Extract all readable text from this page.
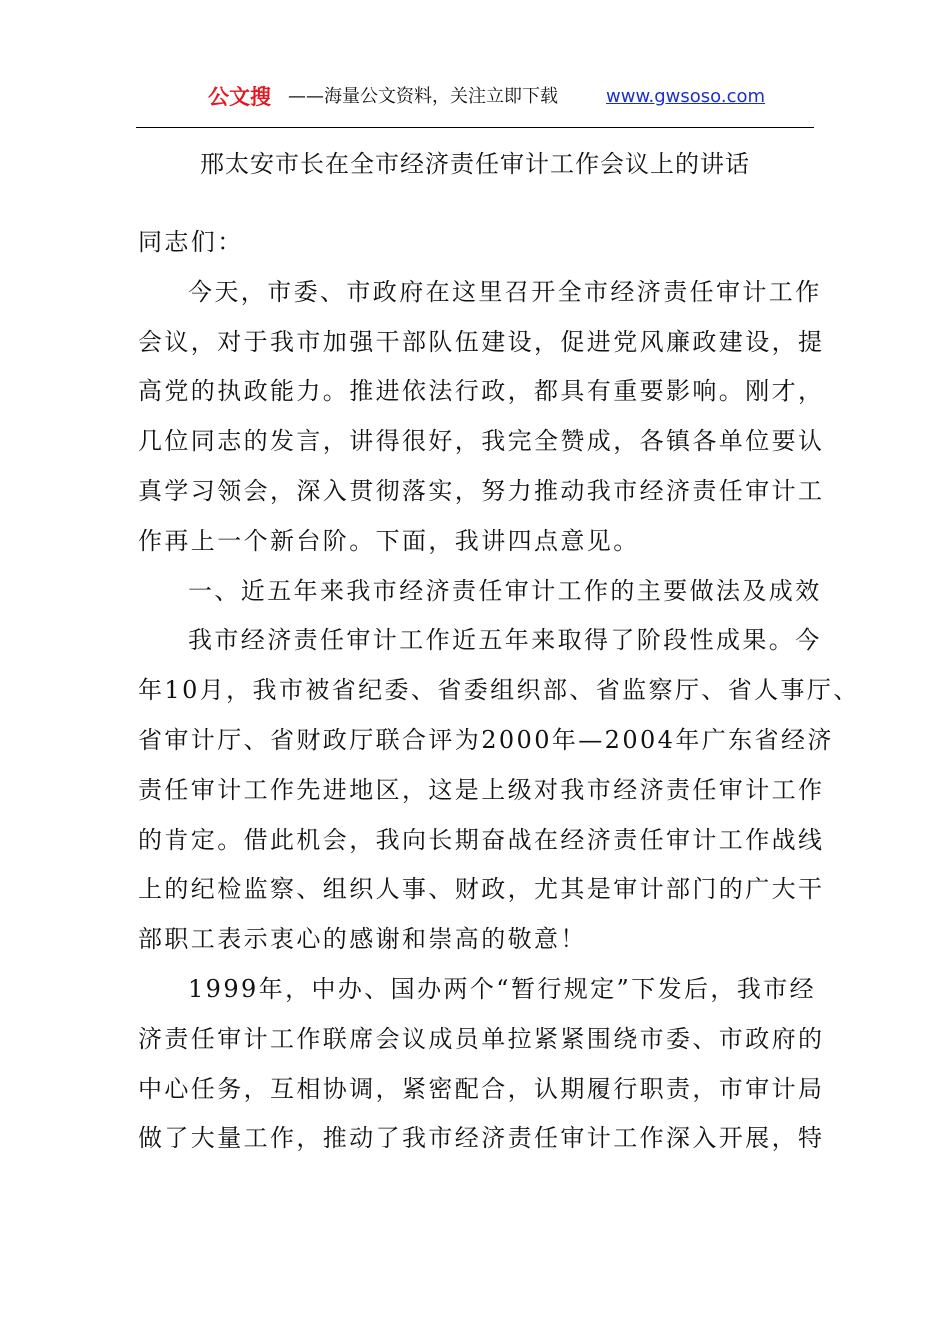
公文搜 ——海量公文资料，关注立即下载	www.gwsoso.com
邢太安市长在全市经济责任审计工作会议上的讲话
同志们：
今天，市委、市政府在这里召开全市经济责任审计工作
会议，对于我市加强干部队伍建设，促进党风廉政建设，提
高党的执政能力。推进依法行政，都具有重要影响。刚才，
几位同志的发言，讲得很好，我完全赞成，各镇各单位要认
真学习领会，深入贯彻落实，努力推动我市经济责任审计工
作再上一个新台阶。下面，我讲四点意见。
一、近五年来我市经济责任审计工作的主要做法及成效
我市经济责任审计工作近五年来取得了阶段性成果。今
年10月，我市被省纪委、省委组织部、省监察厅、省人事厅、
省审计厅、省财政厅联合评为2000年—2004年广东省经济
责任审计工作先进地区，这是上级对我市经济责任审计工作
的肯定。借此机会，我向长期奋战在经济责任审计工作战线
上的纪检监察、组织人事、财政，尤其是审计部门的广大干
部职工表示衷心的感谢和崇高的敬意！
1999年，中办、国办两个“暂行规定”下发后，我市经
济责任审计工作联席会议成员单拉紧紧围绕市委、市政府的
中心任务，互相协调，紧密配合，认期履行职责，市审计局
做了大量工作，推动了我市经济责任审计工作深入开展，特
